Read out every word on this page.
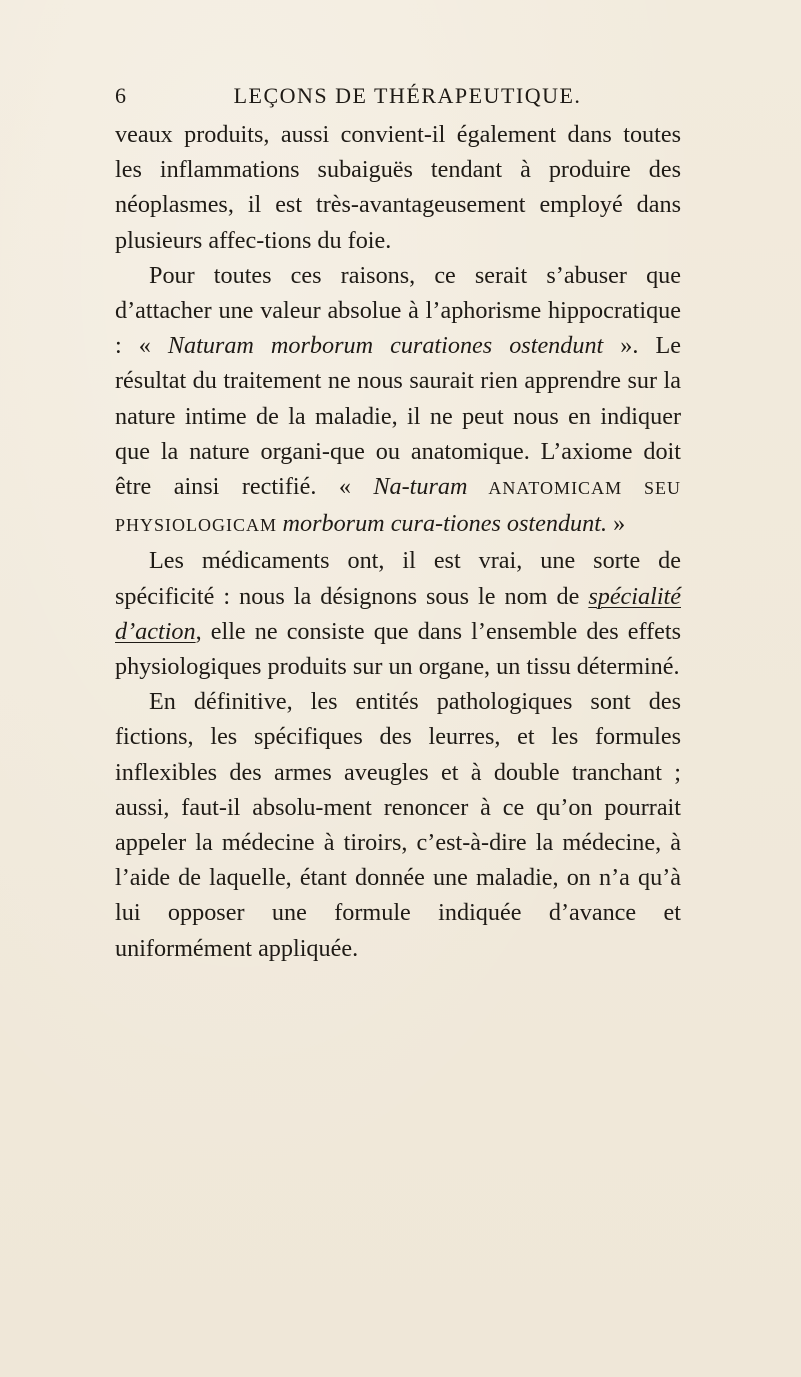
6	LEÇONS DE THÉRAPEUTIQUE.

veaux produits, aussi convient-il également dans toutes les inflammations subaiguës tendant à produire des néoplasmes, il est très-avantageusement employé dans plusieurs affec-tions du foie.

Pour toutes ces raisons, ce serait s’abuser que d’attacher une valeur absolue à l’aphorisme hippocratique : « Naturam morborum curationes ostendunt ». Le résultat du traitement ne nous saurait rien apprendre sur la nature intime de la maladie, il ne peut nous en indiquer que la nature organi-que ou anatomique. L’axiome doit être ainsi rectifié. « Na-turam ANATOMICAM SEU PHYSIOLOGICAM morborum cura-tiones ostendunt. »

Les médicaments ont, il est vrai, une sorte de spécificité : nous la désignons sous le nom de spécialité d’action, elle ne consiste que dans l’ensemble des effets physiologiques produits sur un organe, un tissu déterminé.

En définitive, les entités pathologiques sont des fictions, les spécifiques des leurres, et les formules inflexibles des armes aveugles et à double tranchant ; aussi, faut-il absolu-ment renoncer à ce qu’on pourrait appeler la médecine à tiroirs, c’est-à-dire la médecine, à l’aide de laquelle, étant donnée une maladie, on n’a qu’à lui opposer une formule indiquée d’avance et uniformément appliquée.
